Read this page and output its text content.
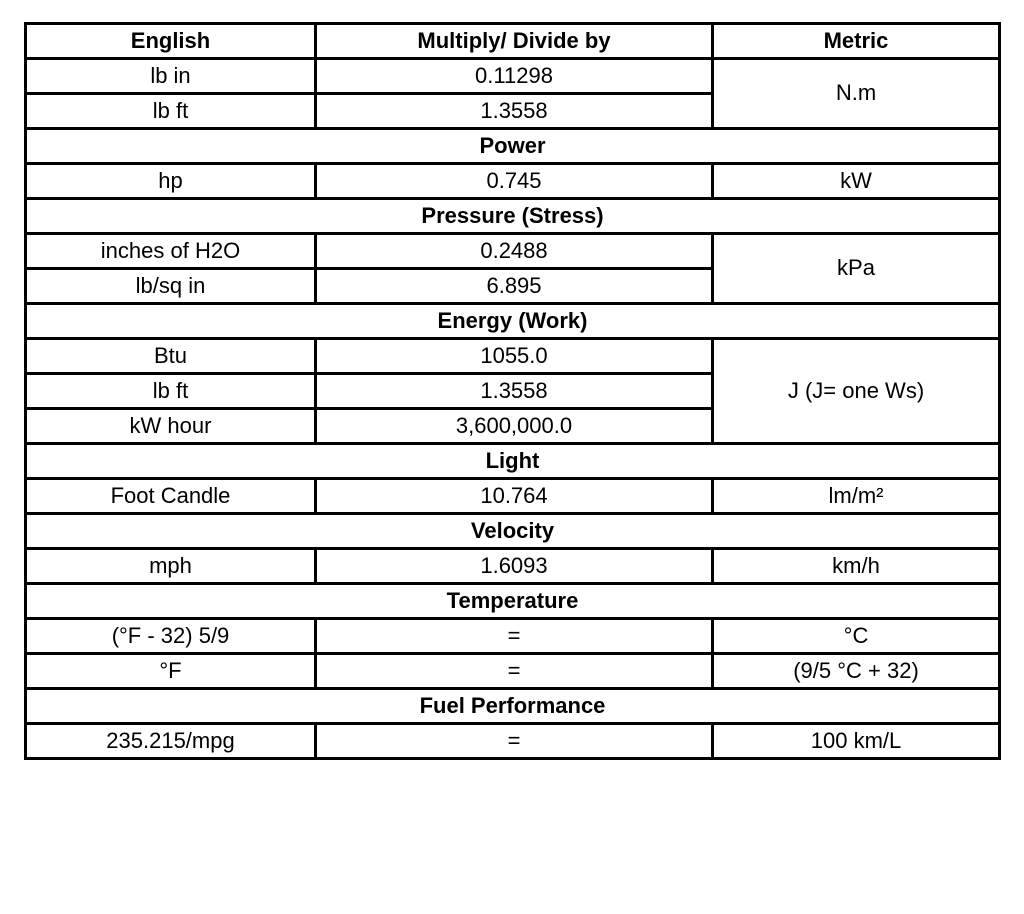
English	Multiply/ Divide by	Metric
lb in	0.11298	N.m
lb ft	1.3558	
Power		
hp	0.745	kW
Pressure (Stress)		
inches of H2O	0.2488	kPa
lb/sq in	6.895	
Energy (Work)		
Btu	1055.0	J (J= one Ws)
lb ft	1.3558	
kW hour	3,600,000.0	
Light		
Foot Candle	10.764	lm/m²
Velocity		
mph	1.6093	km/h
Temperature		
(°F - 32) 5/9	=	°C
°F	=	(9/5 °C + 32)
Fuel Performance		
235.215/mpg	=	100 km/L
